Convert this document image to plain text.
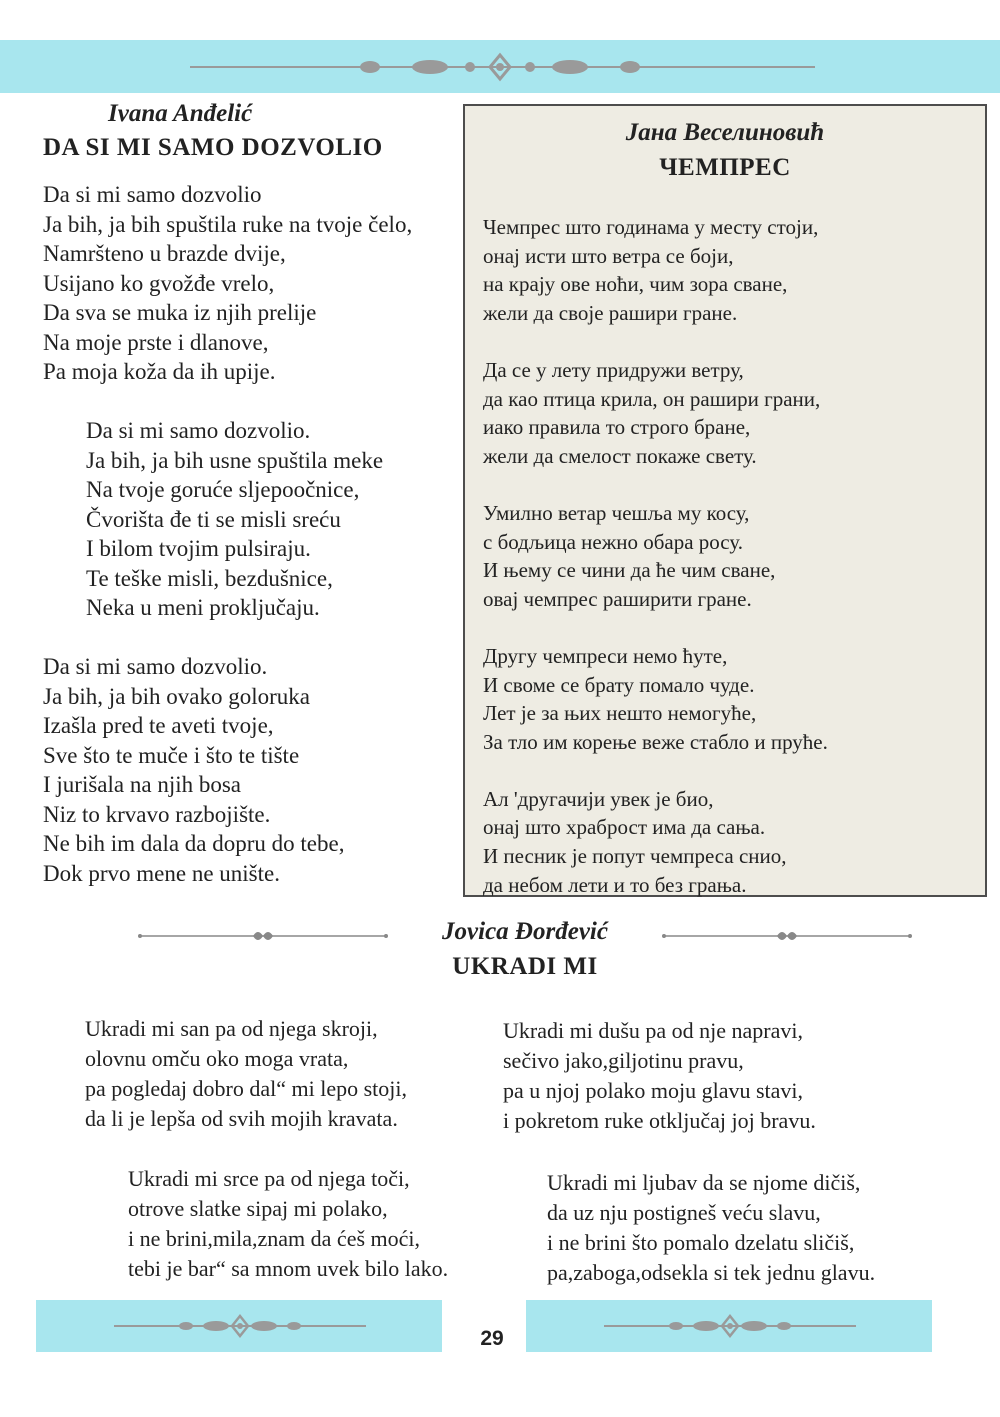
Ivana Anđelić
DA SI MI SAMO DOZVOLIO
Da si mi samo dozvolio
Ja bih, ja bih spuštila ruke na tvoje čelo,
Namršteno u brazde dvije,
Usijano ko gvožđe vrelo,
Da sva se muka iz njih prelije
Na moje prste i dlanove,
Pa moja koža da ih upije.
Da si mi samo dozvolio.
Ja bih, ja bih usne spuštila meke
Na tvoje goruće sljepoočnice,
Čvorišta đe ti se misli sreću
I bilom tvojim pulsiraju.
Te teške misli, bezdušnice,
Neka u meni proključaju.
Da si mi samo dozvolio.
Ja bih, ja bih ovako goloruka
Izašla pred te aveti tvoje,
Sve što te muče i što te tište
I jurišala na njih bosa
Niz to krvavo razbojište.
Ne bih im dala da dopru do tebe,
Dok prvo mene ne unište.
Јана Веселиновић
ЧЕМПРЕС
Чемпрес што годинама у месту стоји,
онај исти што ветра се боји,
на крају ове ноћи, чим зора сване,
жели да своје рашири гране.
Да се у лету придружи ветру,
да као птица крила, он рашири грани,
иако правила то строго бране,
жели да смелост покаже свету.
Умилно ветар чешља му косу,
с бодљица нежно обара росу.
И њему се чини да ће чим сване,
овај чемпрес раширити гране.
Другу чемпреси немо ћуте,
И своме се брату помало чуде.
Лет је за њих нешто немогуће,
За тло им корење веже стабло и пруће.
Ал 'другачији увек је био,
онај што храброст има да сања.
И песник је попут чемпреса снио,
да небом лети и то без грања.
Jovica Đorđević
UKRADI MI
Ukradi mi san pa od njega skroji,
olovnu omču oko moga vrata,
pa pogledaj dobro dal“ mi lepo stoji,
da li je lepša od svih mojih kravata.
Ukradi mi dušu pa od nje napravi,
sečivo jako,giljotinu pravu,
pa u njoj polako moju glavu stavi,
i pokretom ruke otključaj joj bravu.
Ukradi mi srce pa od njega toči,
otrove slatke sipaj mi polako,
i ne brini,mila,znam da ćeš moći,
tebi je bar“ sa mnom uvek bilo lako.
Ukradi mi ljubav da se njome dičiš,
da uz nju postigneš veću slavu,
i ne brini što pomalo dzelatu sličiš,
pa,zaboga,odsekla si tek jednu glavu.
29
